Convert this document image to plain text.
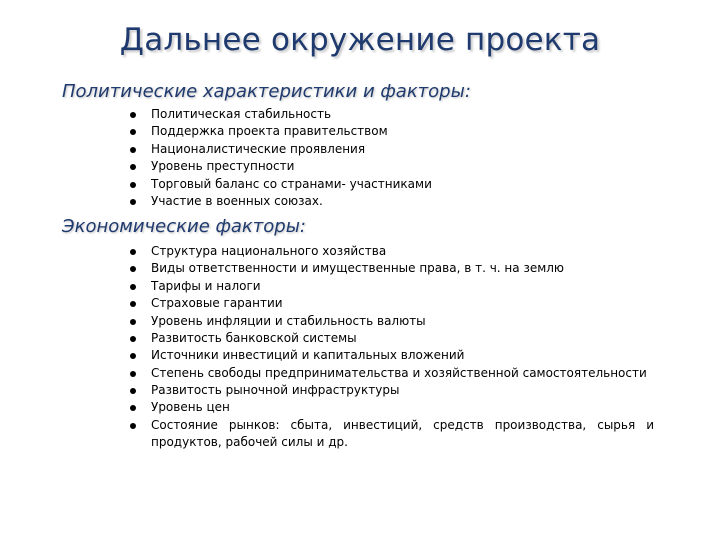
Дальнее окружение проекта
Политические характеристики и факторы:
Политическая стабильность
Поддержка проекта правительством
Националистические проявления
Уровень преступности
Торговый баланс со странами- участниками
Участие в военных союзах.
Экономические факторы:
Структура национального хозяйства
Виды ответственности и имущественные права, в т. ч. на землю
Тарифы и налоги
Страховые гарантии
Уровень инфляции и стабильность валюты
Развитость банковской системы
Источники инвестиций и капитальных вложений
Степень свободы предпринимательства и хозяйственной самостоятельности
Развитость рыночной инфраструктуры
Уровень цен
Состояние рынков: сбыта, инвестиций, средств производства, сырья и продуктов, рабочей силы и др.
